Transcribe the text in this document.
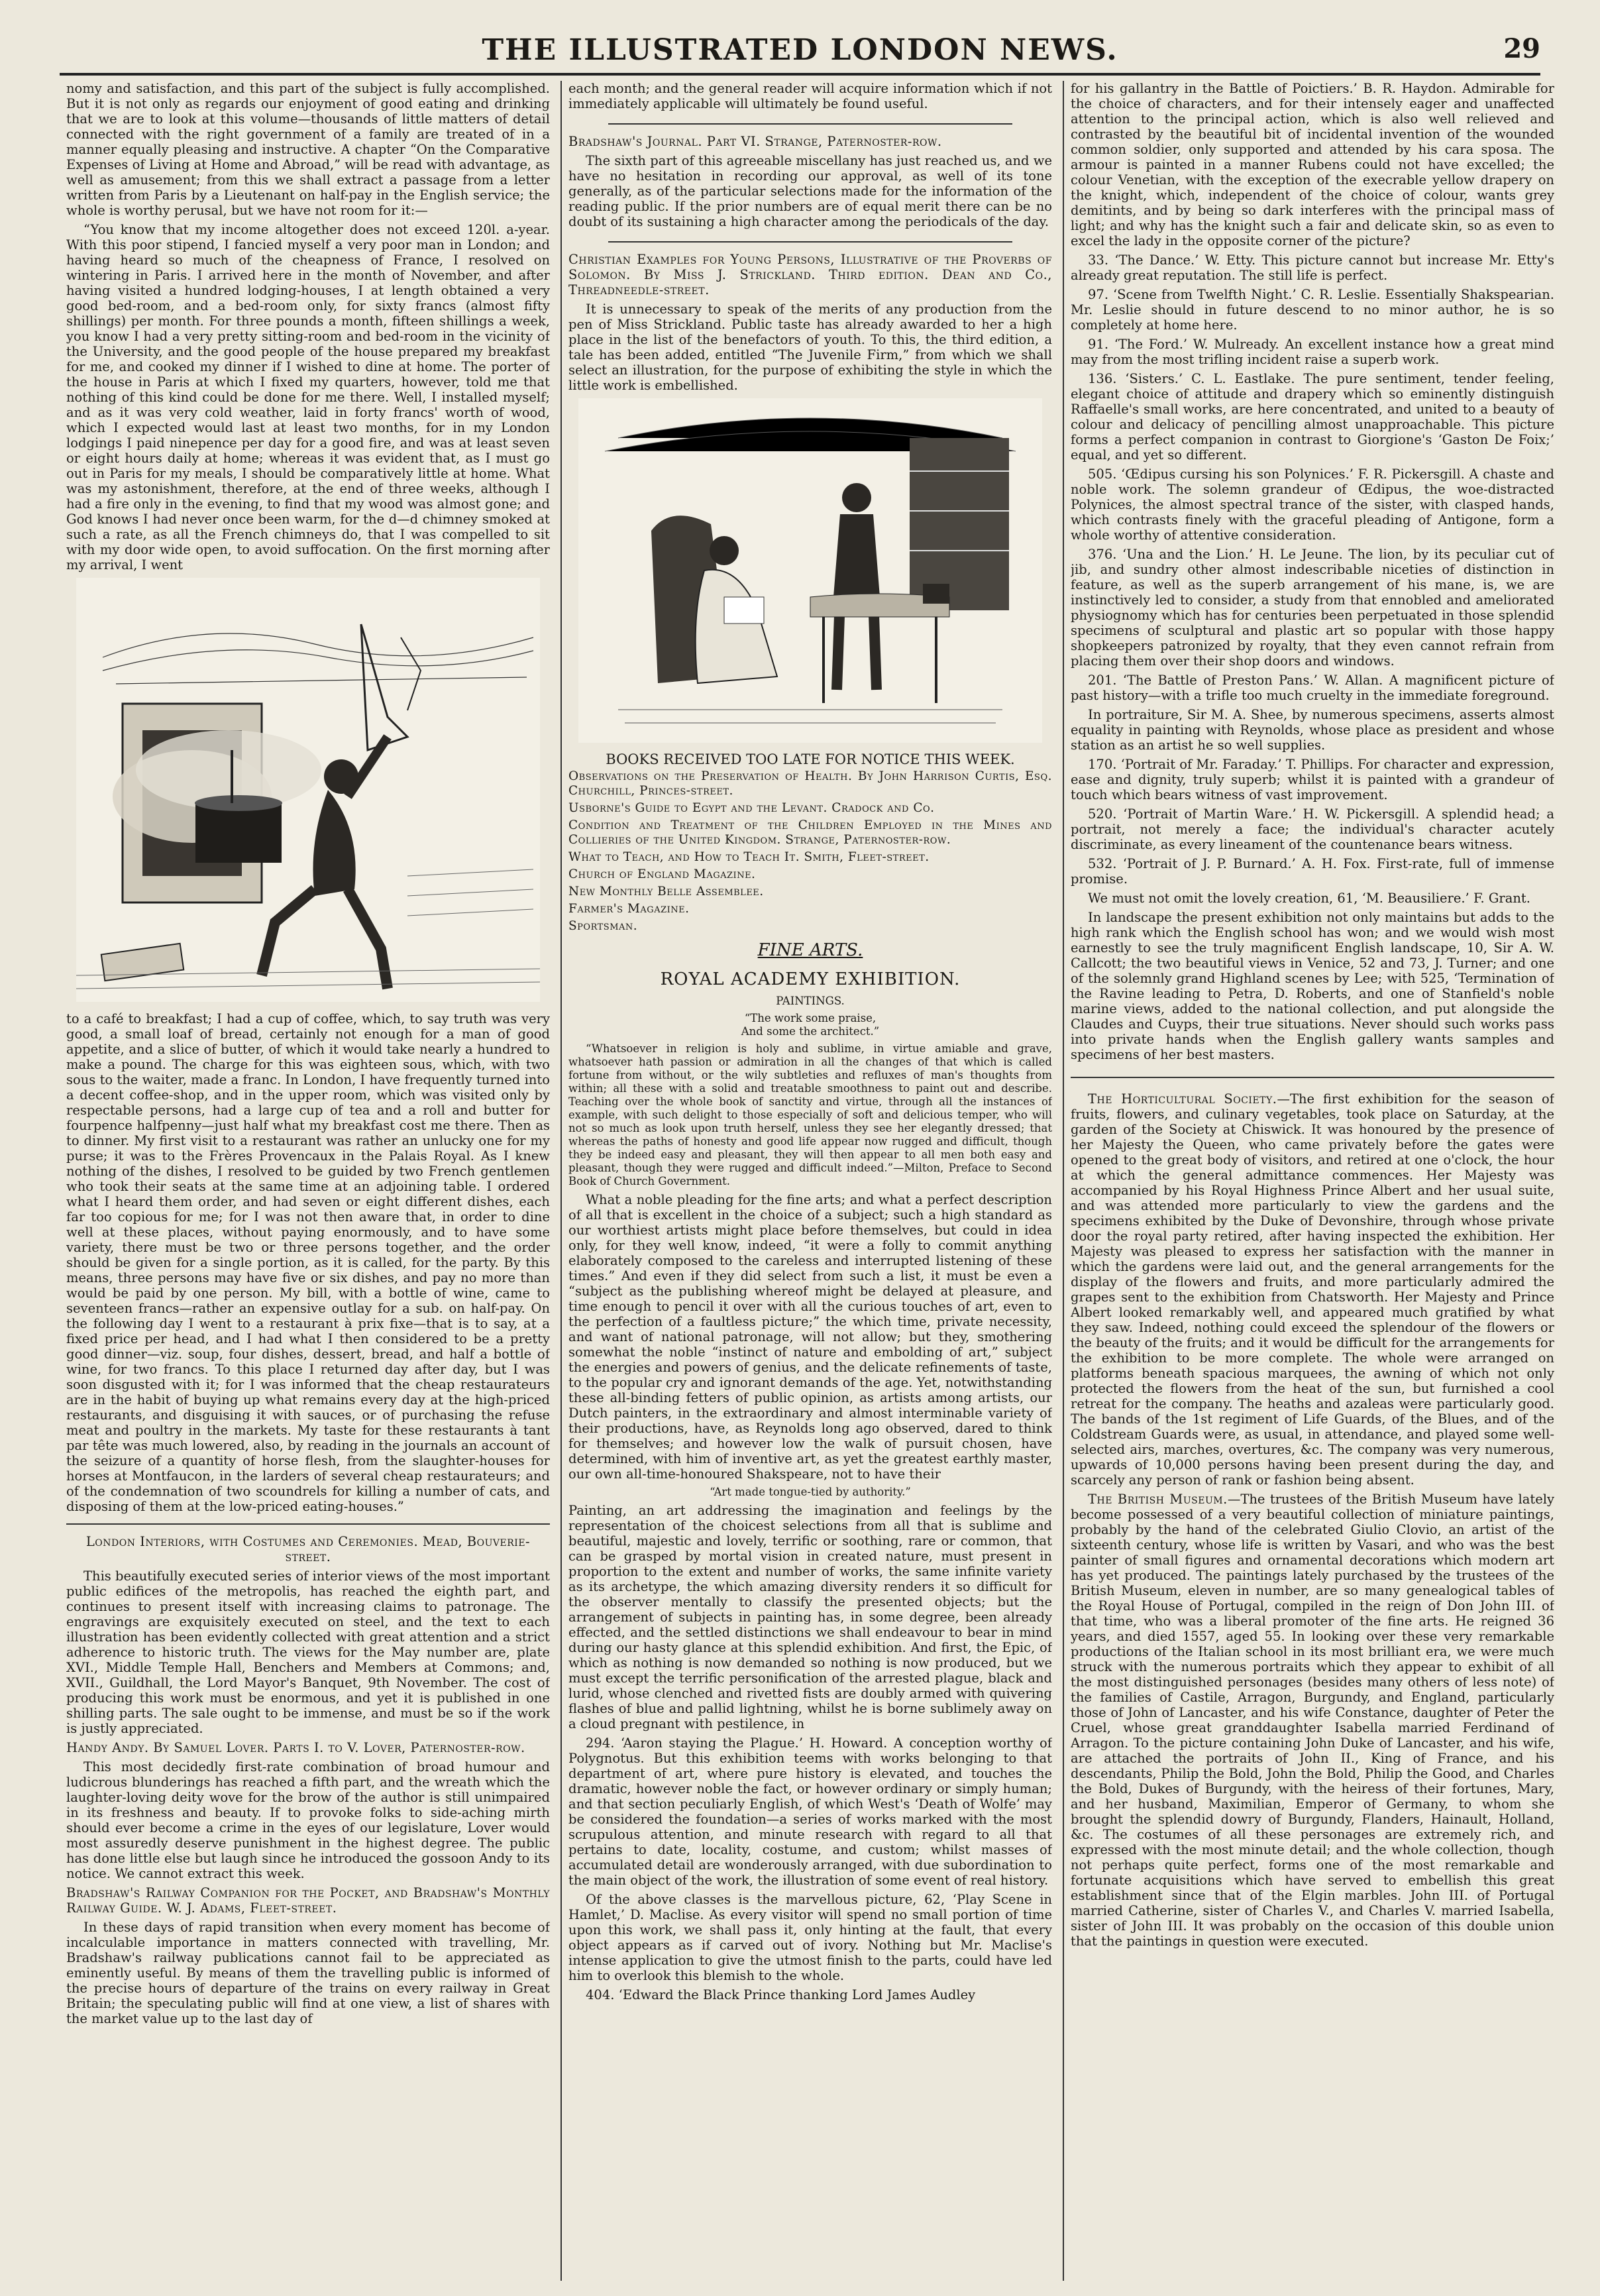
THE ILLUSTRATED LONDON NEWS.	29

nomy and satisfaction, and this part of the subject is fully accomplished. But it is not only as regards our enjoyment of good eating and drinking that we are to look at this volume—thousands of little matters of detail connected with the right government of a family are treated of in a manner equally pleasing and instructive. A chapter “On the Comparative Expenses of Living at Home and Abroad,” will be read with advantage, as well as amusement; from this we shall extract a passage from a letter written from Paris by a Lieutenant on half-pay in the English service; the whole is worthy perusal, but we have not room for it:—

“You know that my income altogether does not exceed 120l. a-year. With this poor stipend, I fancied myself a very poor man in London; and having heard so much of the cheapness of France, I resolved on wintering in Paris. I arrived here in the month of November, and after having visited a hundred lodging-houses, I at length obtained a very good bed-room, and a bed-room only, for sixty francs (almost fifty shillings) per month. For three pounds a month, fifteen shillings a week, you know I had a very pretty sitting-room and bed-room in the vicinity of the University, and the good people of the house prepared my breakfast for me, and cooked my dinner if I wished to dine at home. The porter of the house in Paris at which I fixed my quarters, however, told me that nothing of this kind could be done for me there. Well, I installed myself; and as it was very cold weather, laid in forty francs' worth of wood, which I expected would last at least two months, for in my London lodgings I paid ninepence per day for a good fire, and was at least seven or eight hours daily at home; whereas it was evident that, as I must go out in Paris for my meals, I should be comparatively little at home. What was my astonishment, therefore, at the end of three weeks, although I had a fire only in the evening, to find that my wood was almost gone; and God knows I had never once been warm, for the d—d chimney smoked at such a rate, as all the French chimneys do, that I was compelled to sit with my door wide open, to avoid suffocation. On the first morning after my arrival, I went

to a café to breakfast; I had a cup of coffee, which, to say truth was very good, a small loaf of bread, certainly not enough for a man of good appetite, and a slice of butter, of which it would take nearly a hundred to make a pound. The charge for this was eighteen sous, which, with two sous to the waiter, made a franc. In London, I have frequently turned into a decent coffee-shop, and in the upper room, which was visited only by respectable persons, had a large cup of tea and a roll and butter for fourpence halfpenny—just half what my breakfast cost me there. Then as to dinner. My first visit to a restaurant was rather an unlucky one for my purse; it was to the Frères Provencaux in the Palais Royal. As I knew nothing of the dishes, I resolved to be guided by two French gentlemen who took their seats at the same time at an adjoining table. I ordered what I heard them order, and had seven or eight different dishes, each far too copious for me; for I was not then aware that, in order to dine well at these places, without paying enormously, and to have some variety, there must be two or three persons together, and the order should be given for a single portion, as it is called, for the party. By this means, three persons may have five or six dishes, and pay no more than would be paid by one person. My bill, with a bottle of wine, came to seventeen francs—rather an expensive outlay for a sub. on half-pay. On the following day I went to a restaurant à prix fixe—that is to say, at a fixed price per head, and I had what I then considered to be a pretty good dinner—viz. soup, four dishes, dessert, bread, and half a bottle of wine, for two francs. To this place I returned day after day, but I was soon disgusted with it; for I was informed that the cheap restaurateurs are in the habit of buying up what remains every day at the high-priced restaurants, and disguising it with sauces, or of purchasing the refuse meat and poultry in the markets. My taste for these restaurants à tant par tête was much lowered, also, by reading in the journals an account of the seizure of a quantity of horse flesh, from the slaughter-houses for horses at Montfaucon, in the larders of several cheap restaurateurs; and of the condemnation of two scoundrels for killing a number of cats, and disposing of them at the low-priced eating-houses.”

London Interiors, with Costumes and Ceremonies. Mead, Bouverie-street.

This beautifully executed series of interior views of the most important public edifices of the metropolis, has reached the eighth part, and continues to present itself with increasing claims to patronage. The engravings are exquisitely executed on steel, and the text to each illustration has been evidently collected with great attention and a strict adherence to historic truth. The views for the May number are, plate XVI., Middle Temple Hall, Benchers and Members at Commons; and, XVII., Guildhall, the Lord Mayor's Banquet, 9th November. The cost of producing this work must be enormous, and yet it is published in one shilling parts. The sale ought to be immense, and must be so if the work is justly appreciated.

Handy Andy. By Samuel Lover. Parts I. to V. Lover, Paternoster-row.

This most decidedly first-rate combination of broad humour and ludicrous blunderings has reached a fifth part, and the wreath which the laughter-loving deity wove for the brow of the author is still unimpaired in its freshness and beauty. If to provoke folks to side-aching mirth should ever become a crime in the eyes of our legislature, Lover would most assuredly deserve punishment in the highest degree. The public has done little else but laugh since he introduced the gossoon Andy to its notice. We cannot extract this week.

Bradshaw's Railway Companion for the Pocket, and Bradshaw's Monthly Railway Guide. W. J. Adams, Fleet-street.

In these days of rapid transition when every moment has become of incalculable importance in matters connected with travelling, Mr. Bradshaw's railway publications cannot fail to be appreciated as eminently useful. By means of them the travelling public is informed of the precise hours of departure of the trains on every railway in Great Britain; the speculating public will find at one view, a list of shares with the market value up to the last day of

each month; and the general reader will acquire information which if not immediately applicable will ultimately be found useful.

Bradshaw's Journal. Part VI. Strange, Paternoster-row.

The sixth part of this agreeable miscellany has just reached us, and we have no hesitation in recording our approval, as well of its tone generally, as of the particular selections made for the information of the reading public. If the prior numbers are of equal merit there can be no doubt of its sustaining a high character among the periodicals of the day.

Christian Examples for Young Persons, Illustrative of the Proverbs of Solomon. By Miss J. Strickland. Third edition. Dean and Co., Threadneedle-street.

It is unnecessary to speak of the merits of any production from the pen of Miss Strickland. Public taste has already awarded to her a high place in the list of the benefactors of youth. To this, the third edition, a tale has been added, entitled “The Juvenile Firm,” from which we shall select an illustration, for the purpose of exhibiting the style in which the little work is embellished.

BOOKS RECEIVED TOO LATE FOR NOTICE THIS WEEK.

Observations on the Preservation of Health. By John Harrison Curtis, Esq. Churchill, Princes-street.

Usborne's Guide to Egypt and the Levant. Cradock and Co.

Condition and Treatment of the Children Employed in the Mines and Collieries of the United Kingdom. Strange, Paternoster-row.

What to Teach, and How to Teach It. Smith, Fleet-street.

Church of England Magazine.

New Monthly Belle Assemblee.

Farmer's Magazine.

Sportsman.

FINE ARTS.
ROYAL ACADEMY EXHIBITION.

PAINTINGS.

“The work some praise,

And some the architect.”

“Whatsoever in religion is holy and sublime, in virtue amiable and grave, whatsoever hath passion or admiration in all the changes of that which is called fortune from without, or the wily subtleties and refluxes of man's thoughts from within; all these with a solid and treatable smoothness to paint out and describe. Teaching over the whole book of sanctity and virtue, through all the instances of example, with such delight to those especially of soft and delicious temper, who will not so much as look upon truth herself, unless they see her elegantly dressed; that whereas the paths of honesty and good life appear now rugged and difficult, though they be indeed easy and pleasant, they will then appear to all men both easy and pleasant, though they were rugged and difficult indeed.”—Milton, Preface to Second Book of Church Government.

What a noble pleading for the fine arts; and what a perfect description of all that is excellent in the choice of a subject; such a high standard as our worthiest artists might place before themselves, but could in idea only, for they well know, indeed, “it were a folly to commit anything elaborately composed to the careless and interrupted listening of these times.” And even if they did select from such a list, it must be even a “subject as the publishing whereof might be delayed at pleasure, and time enough to pencil it over with all the curious touches of art, even to the perfection of a faultless picture;” the which time, private necessity, and want of national patronage, will not allow; but they, smothering somewhat the noble “instinct of nature and embolding of art,” subject the energies and powers of genius, and the delicate refinements of taste, to the popular cry and ignorant demands of the age. Yet, notwithstanding these all-binding fetters of public opinion, as artists among artists, our Dutch painters, in the extraordinary and almost interminable variety of their productions, have, as Reynolds long ago observed, dared to think for themselves; and however low the walk of pursuit chosen, have determined, with him of inventive art, as yet the greatest earthly master, our own all-time-honoured Shakspeare, not to have their

“Art made tongue-tied by authority.”

Painting, an art addressing the imagination and feelings by the representation of the choicest selections from all that is sublime and beautiful, majestic and lovely, terrific or soothing, rare or common, that can be grasped by mortal vision in created nature, must present in proportion to the extent and number of works, the same infinite variety as its archetype, the which amazing diversity renders it so difficult for the observer mentally to classify the presented objects; but the arrangement of subjects in painting has, in some degree, been already effected, and the settled distinctions we shall endeavour to bear in mind during our hasty glance at this splendid exhibition. And first, the Epic, of which as nothing is now demanded so nothing is now produced, but we must except the terrific personification of the arrested plague, black and lurid, whose clenched and rivetted fists are doubly armed with quivering flashes of blue and pallid lightning, whilst he is borne sublimely away on a cloud pregnant with pestilence, in

294. ‘Aaron staying the Plague.’ H. Howard. A conception worthy of Polygnotus. But this exhibition teems with works belonging to that department of art, where pure history is elevated, and touches the dramatic, however noble the fact, or however ordinary or simply human; and that section peculiarly English, of which West's ‘Death of Wolfe’ may be considered the foundation—a series of works marked with the most scrupulous attention, and minute research with regard to all that pertains to date, locality, costume, and custom; whilst masses of accumulated detail are wonderously arranged, with due subordination to the main object of the work, the illustration of some event of real history.

Of the above classes is the marvellous picture, 62, ‘Play Scene in Hamlet,’ D. Maclise. As every visitor will spend no small portion of time upon this work, we shall pass it, only hinting at the fault, that every object appears as if carved out of ivory. Nothing but Mr. Maclise's intense application to give the utmost finish to the parts, could have led him to overlook this blemish to the whole.

404. ‘Edward the Black Prince thanking Lord James Audley

for his gallantry in the Battle of Poictiers.’ B. R. Haydon. Admirable for the choice of characters, and for their intensely eager and unaffected attention to the principal action, which is also well relieved and contrasted by the beautiful bit of incidental invention of the wounded common soldier, only supported and attended by his cara sposa. The armour is painted in a manner Rubens could not have excelled; the colour Venetian, with the exception of the execrable yellow drapery on the knight, which, independent of the choice of colour, wants grey demitints, and by being so dark interferes with the principal mass of light; and why has the knight such a fair and delicate skin, so as even to excel the lady in the opposite corner of the picture?

33. ‘The Dance.’ W. Etty. This picture cannot but increase Mr. Etty's already great reputation. The still life is perfect.

97. ‘Scene from Twelfth Night.’ C. R. Leslie. Essentially Shakspearian. Mr. Leslie should in future descend to no minor author, he is so completely at home here.

91. ‘The Ford.’ W. Mulready. An excellent instance how a great mind may from the most trifling incident raise a superb work.

136. ‘Sisters.’ C. L. Eastlake. The pure sentiment, tender feeling, elegant choice of attitude and drapery which so eminently distinguish Raffaelle's small works, are here concentrated, and united to a beauty of colour and delicacy of pencilling almost unapproachable. This picture forms a perfect companion in contrast to Giorgione's ‘Gaston De Foix;’ equal, and yet so different.

505. ‘Œdipus cursing his son Polynices.’ F. R. Pickersgill. A chaste and noble work. The solemn grandeur of Œdipus, the woe-distracted Polynices, the almost spectral trance of the sister, with clasped hands, which contrasts finely with the graceful pleading of Antigone, form a whole worthy of attentive consideration.

376. ‘Una and the Lion.’ H. Le Jeune. The lion, by its peculiar cut of jib, and sundry other almost indescribable niceties of distinction in feature, as well as the superb arrangement of his mane, is, we are instinctively led to consider, a study from that ennobled and ameliorated physiognomy which has for centuries been perpetuated in those splendid specimens of sculptural and plastic art so popular with those happy shopkeepers patronized by royalty, that they even cannot refrain from placing them over their shop doors and windows.

201. ‘The Battle of Preston Pans.’ W. Allan. A magnificent picture of past history—with a trifle too much cruelty in the immediate foreground.

In portraiture, Sir M. A. Shee, by numerous specimens, asserts almost equality in painting with Reynolds, whose place as president and whose station as an artist he so well supplies.

170. ‘Portrait of Mr. Faraday.’ T. Phillips. For character and expression, ease and dignity, truly superb; whilst it is painted with a grandeur of touch which bears witness of vast improvement.

520. ‘Portrait of Martin Ware.’ H. W. Pickersgill. A splendid head; a portrait, not merely a face; the individual's character acutely discriminate, as every lineament of the countenance bears witness.

532. ‘Portrait of J. P. Burnard.’ A. H. Fox. First-rate, full of immense promise.

We must not omit the lovely creation, 61, ‘M. Beausiliere.’ F. Grant.

In landscape the present exhibition not only maintains but adds to the high rank which the English school has won; and we would wish most earnestly to see the truly magnificent English landscape, 10, Sir A. W. Callcott; the two beautiful views in Venice, 52 and 73, J. Turner; and one of the solemnly grand Highland scenes by Lee; with 525, ‘Termination of the Ravine leading to Petra, D. Roberts, and one of Stanfield's noble marine views, added to the national collection, and put alongside the Claudes and Cuyps, their true situations. Never should such works pass into private hands when the English gallery wants samples and specimens of her best masters.

The Horticultural Society.—The first exhibition for the season of fruits, flowers, and culinary vegetables, took place on Saturday, at the garden of the Society at Chiswick. It was honoured by the presence of her Majesty the Queen, who came privately before the gates were opened to the great body of visitors, and retired at one o'clock, the hour at which the general admittance commences. Her Majesty was accompanied by his Royal Highness Prince Albert and her usual suite, and was attended more particularly to view the gardens and the specimens exhibited by the Duke of Devonshire, through whose private door the royal party retired, after having inspected the exhibition. Her Majesty was pleased to express her satisfaction with the manner in which the gardens were laid out, and the general arrangements for the display of the flowers and fruits, and more particularly admired the grapes sent to the exhibition from Chatsworth. Her Majesty and Prince Albert looked remarkably well, and appeared much gratified by what they saw. Indeed, nothing could exceed the splendour of the flowers or the beauty of the fruits; and it would be difficult for the arrangements for the exhibition to be more complete. The whole were arranged on platforms beneath spacious marquees, the awning of which not only protected the flowers from the heat of the sun, but furnished a cool retreat for the company. The heaths and azaleas were particularly good. The bands of the 1st regiment of Life Guards, of the Blues, and of the Coldstream Guards were, as usual, in attendance, and played some well-selected airs, marches, overtures, &c. The company was very numerous, upwards of 10,000 persons having been present during the day, and scarcely any person of rank or fashion being absent.

The British Museum.—The trustees of the British Museum have lately become possessed of a very beautiful collection of miniature paintings, probably by the hand of the celebrated Giulio Clovio, an artist of the sixteenth century, whose life is written by Vasari, and who was the best painter of small figures and ornamental decorations which modern art has yet produced. The paintings lately purchased by the trustees of the British Museum, eleven in number, are so many genealogical tables of the Royal House of Portugal, compiled in the reign of Don John III. of that time, who was a liberal promoter of the fine arts. He reigned 36 years, and died 1557, aged 55. In looking over these very remarkable productions of the Italian school in its most brilliant era, we were much struck with the numerous portraits which they appear to exhibit of all the most distinguished personages (besides many others of less note) of the families of Castile, Arragon, Burgundy, and England, particularly those of John of Lancaster, and his wife Constance, daughter of Peter the Cruel, whose great granddaughter Isabella married Ferdinand of Arragon. To the picture containing John Duke of Lancaster, and his wife, are attached the portraits of John II., King of France, and his descendants, Philip the Bold, John the Bold, Philip the Good, and Charles the Bold, Dukes of Burgundy, with the heiress of their fortunes, Mary, and her husband, Maximilian, Emperor of Germany, to whom she brought the splendid dowry of Burgundy, Flanders, Hainault, Holland, &c. The costumes of all these personages are extremely rich, and expressed with the most minute detail; and the whole collection, though not perhaps quite perfect, forms one of the most remarkable and fortunate acquisitions which have served to embellish this great establishment since that of the Elgin marbles. John III. of Portugal married Catherine, sister of Charles V., and Charles V. married Isabella, sister of John III. It was probably on the occasion of this double union that the paintings in question were executed.
